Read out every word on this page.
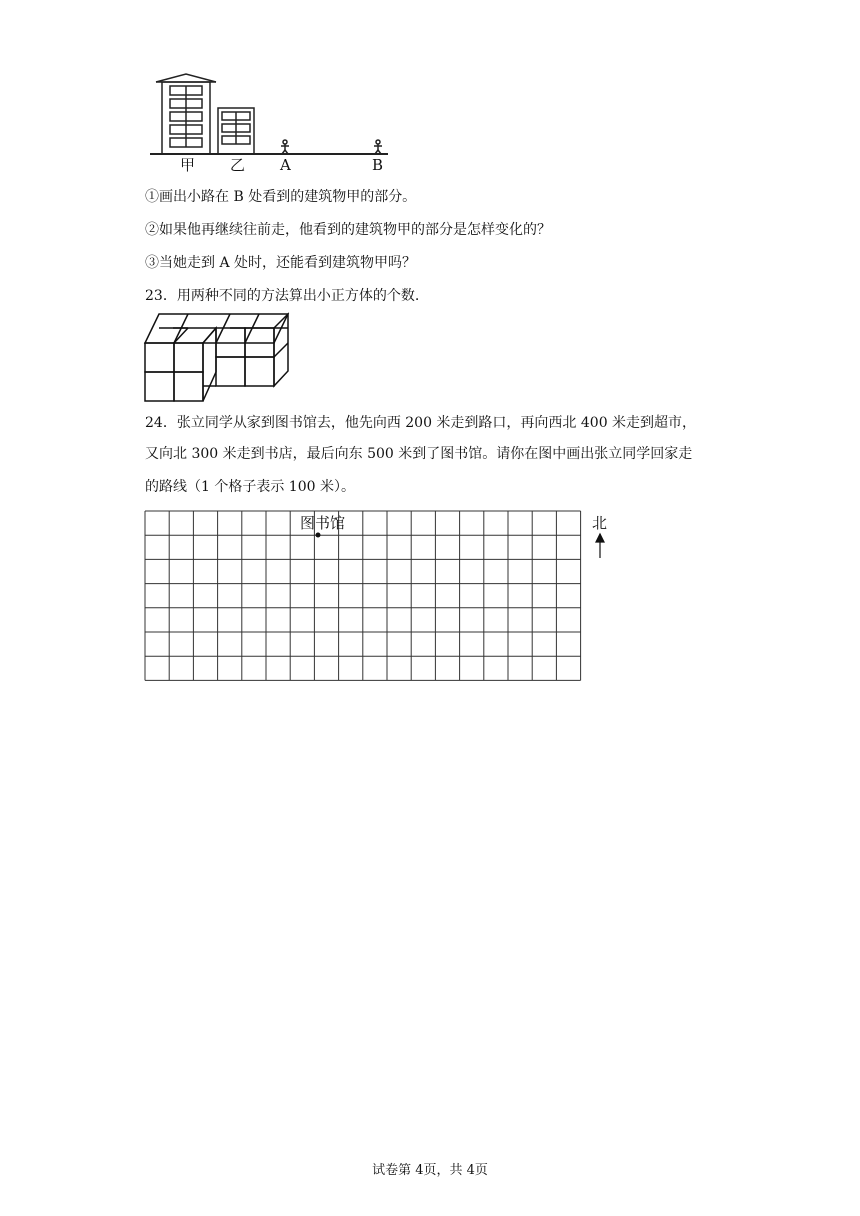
甲 乙 A	B
①画出小路在 B 处看到的建筑物甲的部分。
②如果他再继续往前走，他看到的建筑物甲的部分是怎样变化的？
③当她走到 A 处时，还能看到建筑物甲吗？
23．用两种不同的方法算出小正方体的个数.
24．张立同学从家到图书馆去，他先向西 200 米走到路口，再向西北 400 米走到超市，
又向北 300 米走到书店，最后向东 500 米到了图书馆。请你在图中画出张立同学回家走
的路线（1 个格子表示 100 米）。
图书馆	北
试卷第 4页，共 4页
